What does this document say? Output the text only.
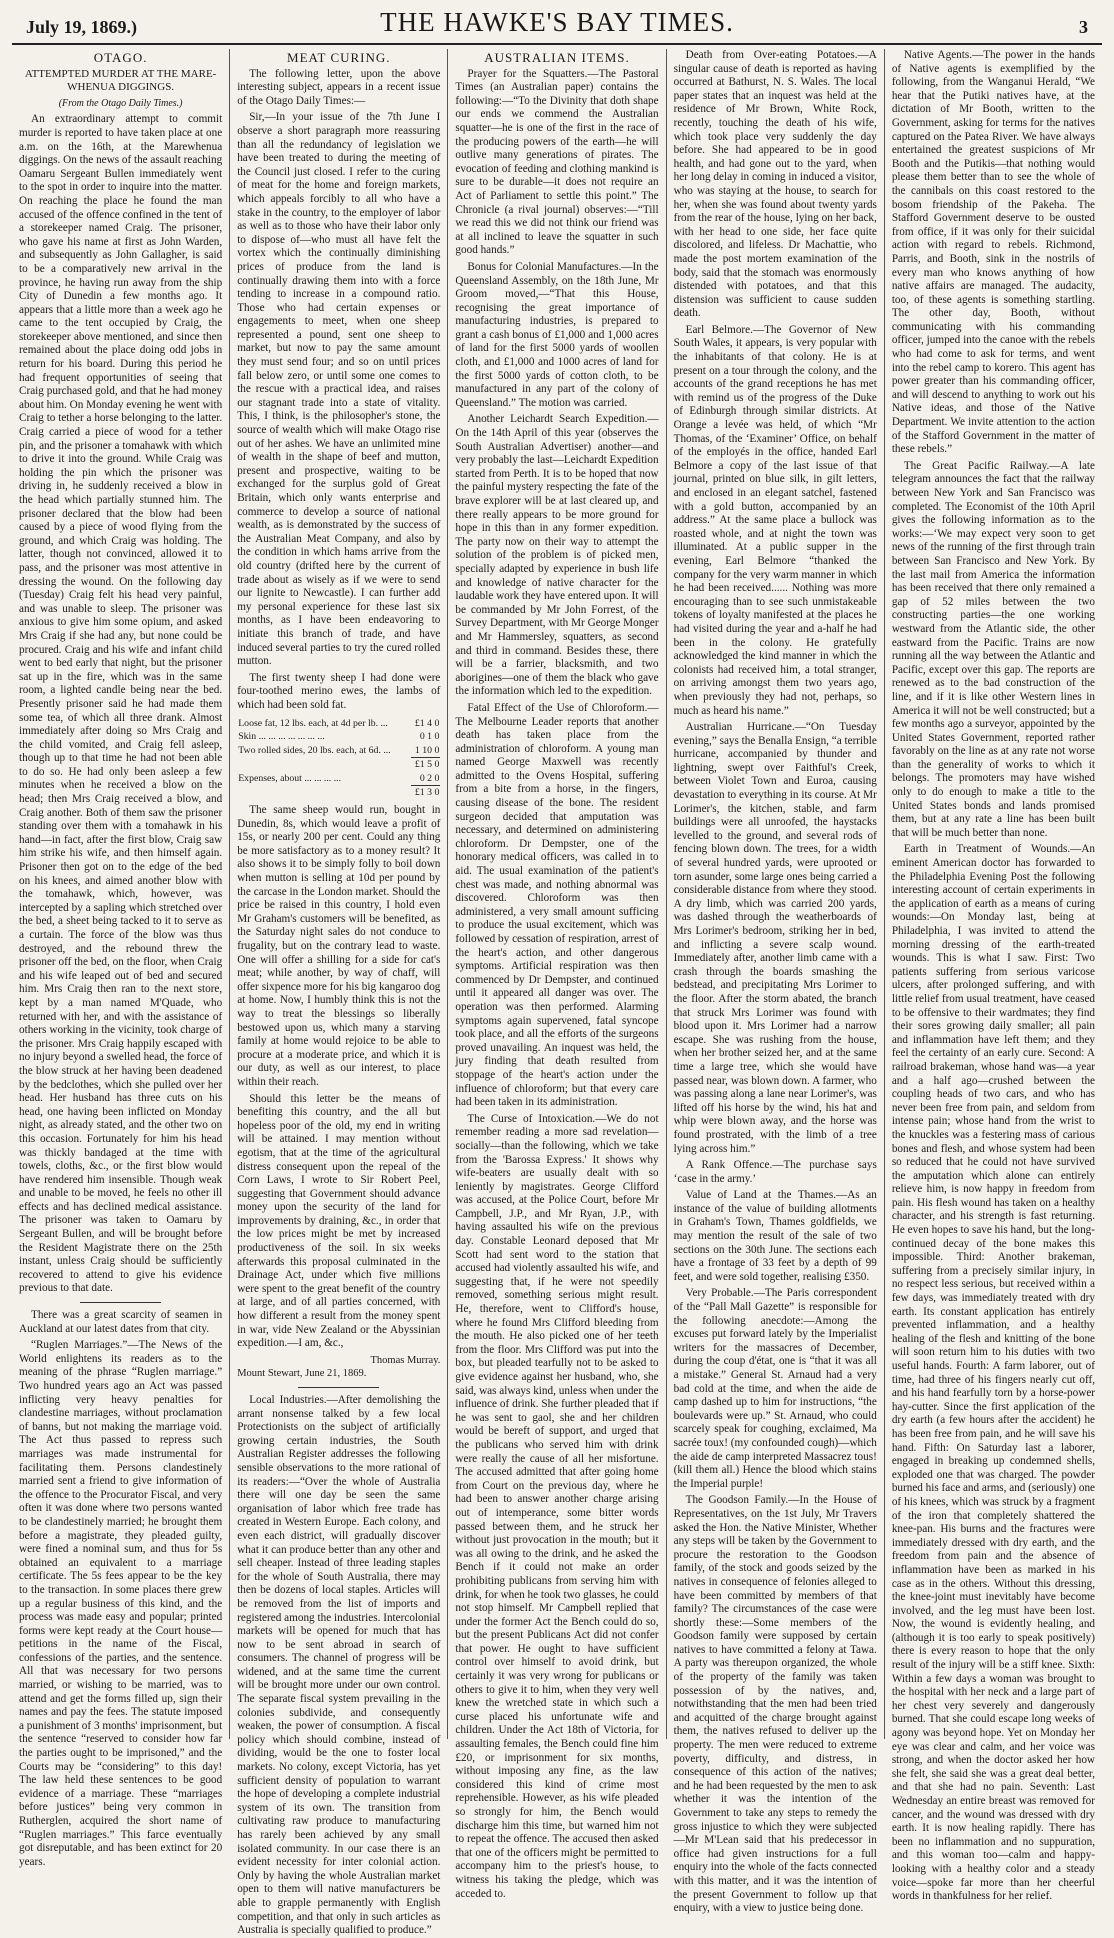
July 19, 1869.)	THE HAWKE'S BAY TIMES.	3
OTAGO.
ATTEMPTED MURDER AT THE MARE-WHENUA DIGGINGS.
(From the Otago Daily Times.)

An extraordinary attempt to commit murder is reported to have taken place at one a.m. on the 16th, at the Marewhenua diggings. On the news of the assault reaching Oamaru Sergeant Bullen immediately went to the spot in order to inquire into the matter. On reaching the place he found the man accused of the offence confined in the tent of a storekeeper named Craig. The prisoner, who gave his name at first as John Warden, and subsequently as John Gallagher, is said to be a comparatively new arrival in the province, he having run away from the ship City of Dunedin a few months ago. It appears that a little more than a week ago he came to the tent occupied by Craig, the storekeeper above mentioned, and since then remained about the place doing odd jobs in return for his board. During this period he had frequent opportunities of seeing that Craig purchased gold, and that he had money about him. On Monday evening he went with Craig to tether a horse belonging to the latter. Craig carried a piece of wood for a tether pin, and the prisoner a tomahawk with which to drive it into the ground. While Craig was holding the pin which the prisoner was driving in, he suddenly received a blow in the head which partially stunned him. The prisoner declared that the blow had been caused by a piece of wood flying from the ground, and which Craig was holding. The latter, though not convinced, allowed it to pass, and the prisoner was most attentive in dressing the wound. On the following day (Tuesday) Craig felt his head very painful, and was unable to sleep. The prisoner was anxious to give him some opium, and asked Mrs Craig if she had any, but none could be procured. Craig and his wife and infant child went to bed early that night, but the prisoner sat up in the fire, which was in the same room, a lighted candle being near the bed. Presently prisoner said he had made them some tea, of which all three drank. Almost immediately after doing so Mrs Craig and the child vomited, and Craig fell asleep, though up to that time he had not been able to do so. He had only been asleep a few minutes when he received a blow on the head; then Mrs Craig received a blow, and Craig another. Both of them saw the prisoner standing over them with a tomahawk in his hand—in fact, after the first blow, Craig saw him strike his wife, and then himself again. Prisoner then got on to the edge of the bed on his knees, and aimed another blow with the tomahawk, which, however, was intercepted by a sapling which stretched over the bed, a sheet being tacked to it to serve as a curtain. The force of the blow was thus destroyed, and the rebound threw the prisoner off the bed, on the floor, when Craig and his wife leaped out of bed and secured him. Mrs Craig then ran to the next store, kept by a man named M'Quade, who returned with her, and with the assistance of others working in the vicinity, took charge of the prisoner. Mrs Craig happily escaped with no injury beyond a swelled head, the force of the blow struck at her having been deadened by the bedclothes, which she pulled over her head. Her husband has three cuts on his head, one having been inflicted on Monday night, as already stated, and the other two on this occasion. Fortunately for him his head was thickly bandaged at the time with towels, cloths, &c., or the first blow would have rendered him insensible. Though weak and unable to be moved, he feels no other ill effects and has declined medical assistance. The prisoner was taken to Oamaru by Sergeant Bullen, and will be brought before the Resident Magistrate there on the 25th instant, unless Craig should be sufficiently recovered to attend to give his evidence previous to that date.

There was a great scarcity of seamen in Auckland at our latest dates from that city.

“Ruglen Marriages.”—The News of the World enlightens its readers as to the meaning of the phrase “Ruglen marriage.” Two hundred years ago an Act was passed inflicting very heavy penalties for clandestine marriages, without proclamation of banns, but not making the marriage void. The Act thus passed to repress such marriages was made instrumental for facilitating them. Persons clandestinely married sent a friend to give information of the offence to the Procurator Fiscal, and very often it was done where two persons wanted to be clandestinely married; he brought them before a magistrate, they pleaded guilty, were fined a nominal sum, and thus for 5s obtained an equivalent to a marriage certificate. The 5s fees appear to be the key to the transaction. In some places there grew up a regular business of this kind, and the process was made easy and popular; printed forms were kept ready at the Court house—petitions in the name of the Fiscal, confessions of the parties, and the sentence. All that was necessary for two persons married, or wishing to be married, was to attend and get the forms filled up, sign their names and pay the fees. The statute imposed a punishment of 3 months' imprisonment, but the sentence “reserved to consider how far the parties ought to be imprisoned,” and the Courts may be “considering” to this day! The law held these sentences to be good evidence of a marriage. These “marriages before justices” being very common in Rutherglen, acquired the short name of “Ruglen marriages.” This farce eventually got disreputable, and has been extinct for 20 years.

MEAT CURING.

The following letter, upon the above interesting subject, appears in a recent issue of the Otago Daily Times:—

Sir,—In your issue of the 7th June I observe a short paragraph more reassuring than all the redundancy of legislation we have been treated to during the meeting of the Council just closed. I refer to the curing of meat for the home and foreign markets, which appeals forcibly to all who have a stake in the country, to the employer of labor as well as to those who have their labor only to dispose of—who must all have felt the vortex which the continually diminishing prices of produce from the land is continually drawing them into with a force tending to increase in a compound ratio. Those who had certain expenses or engagements to meet, when one sheep represented a pound, sent one sheep to market, but now to pay the same amount they must send four; and so on until prices fall below zero, or until some one comes to the rescue with a practical idea, and raises our stagnant trade into a state of vitality. This, I think, is the philosopher's stone, the source of wealth which will make Otago rise out of her ashes. We have an unlimited mine of wealth in the shape of beef and mutton, present and prospective, waiting to be exchanged for the surplus gold of Great Britain, which only wants enterprise and commerce to develop a source of national wealth, as is demonstrated by the success of the Australian Meat Company, and also by the condition in which hams arrive from the old country (drifted here by the current of trade about as wisely as if we were to send our lignite to Newcastle). I can further add my personal experience for these last six months, as I have been endeavoring to initiate this branch of trade, and have induced several parties to try the cured rolled mutton.

The first twenty sheep I had done were four-toothed merino ewes, the lambs of which had been sold fat.

Loose fat, 12 lbs. each, at 4d per lb. ...	£1 4 0
Skin ... ... ... ... ... ... ...	0 1 0
Two rolled sides, 20 lbs. each, at 6d. ...	1 10 0
	£1 5 0
Expenses, about ... ... ... ...	0 2 0
	£1 3 0

The same sheep would run, bought in Dunedin, 8s, which would leave a profit of 15s, or nearly 200 per cent. Could any thing be more satisfactory as to a money result? It also shows it to be simply folly to boil down when mutton is selling at 10d per pound by the carcase in the London market. Should the price be raised in this country, I hold even Mr Graham's customers will be benefited, as the Saturday night sales do not conduce to frugality, but on the contrary lead to waste. One will offer a shilling for a side for cat's meat; while another, by way of chaff, will offer sixpence more for his big kangaroo dog at home. Now, I humbly think this is not the way to treat the blessings so liberally bestowed upon us, which many a starving family at home would rejoice to be able to procure at a moderate price, and which it is our duty, as well as our interest, to place within their reach.

Should this letter be the means of benefiting this country, and the all but hopeless poor of the old, my end in writing will be attained. I may mention without egotism, that at the time of the agricultural distress consequent upon the repeal of the Corn Laws, I wrote to Sir Robert Peel, suggesting that Government should advance money upon the security of the land for improvements by draining, &c., in order that the low prices might be met by increased productiveness of the soil. In six weeks afterwards this proposal culminated in the Drainage Act, under which five millions were spent to the great benefit of the country at large, and of all parties concerned, with how different a result from the money spent in war, vide New Zealand or the Abyssinian expedition.—I am, &c.,

Thomas Murray.
Mount Stewart, June 21, 1869.

Local Industries.—After demolishing the arrant nonsense talked by a few local Protectionists on the subject of artificially growing certain industries, the South Australian Register addresses the following sensible observations to the more rational of its readers:—“Over the whole of Australia there will one day be seen the same organisation of labor which free trade has created in Western Europe. Each colony, and even each district, will gradually discover what it can produce better than any other and sell cheaper. Instead of three leading staples for the whole of South Australia, there may then be dozens of local staples. Articles will be removed from the list of imports and registered among the industries. Intercolonial markets will be opened for much that has now to be sent abroad in search of consumers. The channel of progress will be widened, and at the same time the current will be brought more under our own control. The separate fiscal system prevailing in the colonies subdivide, and consequently weaken, the power of consumption. A fiscal policy which should combine, instead of dividing, would be the one to foster local markets. No colony, except Victoria, has yet sufficient density of population to warrant the hope of developing a complete industrial system of its own. The transition from cultivating raw produce to manufacturing has rarely been achieved by any small isolated community. In our case there is an evident necessity for inter colonial action. Only by having the whole Australian market open to them will native manufacturers be able to grapple permanently with English competition, and that only in such articles as Australia is specially qualified to produce.”

AUSTRALIAN ITEMS.

Prayer for the Squatters.—The Pastoral Times (an Australian paper) contains the following:—“To the Divinity that doth shape our ends we commend the Australian squatter—he is one of the first in the race of the producing powers of the earth—he will outlive many generations of pirates. The evocation of feeding and clothing mankind is sure to be durable—it does not require an Act of Parliament to settle this point.” The Chronicle (a rival journal) observes:—“Till we read this we did not think our friend was at all inclined to leave the squatter in such good hands.”

Bonus for Colonial Manufactures.—In the Queensland Assembly, on the 18th June, Mr Groom moved,—“That this House, recognising the great importance of manufacturing industries, is prepared to grant a cash bonus of £1,000 and 1,000 acres of land for the first 5000 yards of woollen cloth, and £1,000 and 1000 acres of land for the first 5000 yards of cotton cloth, to be manufactured in any part of the colony of Queensland.” The motion was carried.

Another Leichardt Search Expedition.—On the 14th April of this year (observes the South Australian Advertiser) another—and very probably the last—Leichardt Expedition started from Perth. It is to be hoped that now the painful mystery respecting the fate of the brave explorer will be at last cleared up, and there really appears to be more ground for hope in this than in any former expedition. The party now on their way to attempt the solution of the problem is of picked men, specially adapted by experience in bush life and knowledge of native character for the laudable work they have entered upon. It will be commanded by Mr John Forrest, of the Survey Department, with Mr George Monger and Mr Hammersley, squatters, as second and third in command. Besides these, there will be a farrier, blacksmith, and two aborigines—one of them the black who gave the information which led to the expedition.

Fatal Effect of the Use of Chloroform.—The Melbourne Leader reports that another death has taken place from the administration of chloroform. A young man named George Maxwell was recently admitted to the Ovens Hospital, suffering from a bite from a horse, in the fingers, causing disease of the bone. The resident surgeon decided that amputation was necessary, and determined on administering chloroform. Dr Dempster, one of the honorary medical officers, was called in to aid. The usual examination of the patient's chest was made, and nothing abnormal was discovered. Chloroform was then administered, a very small amount sufficing to produce the usual excitement, which was followed by cessation of respiration, arrest of the heart's action, and other dangerous symptoms. Artificial respiration was then commenced by Dr Dempster, and continued until it appeared all danger was over. The operation was then performed. Alarming symptoms again supervened, fatal syncope took place, and all the efforts of the surgeons proved unavailing. An inquest was held, the jury finding that death resulted from stoppage of the heart's action under the influence of chloroform; but that every care had been taken in its administration.

The Curse of Intoxication.—We do not remember reading a more sad revelation—socially—than the following, which we take from the 'Barossa Express.' It shows why wife-beaters are usually dealt with so leniently by magistrates. George Clifford was accused, at the Police Court, before Mr Campbell, J.P., and Mr Ryan, J.P., with having assaulted his wife on the previous day. Constable Leonard deposed that Mr Scott had sent word to the station that accused had violently assaulted his wife, and suggesting that, if he were not speedily removed, something serious might result. He, therefore, went to Clifford's house, where he found Mrs Clifford bleeding from the mouth. He also picked one of her teeth from the floor. Mrs Clifford was put into the box, but pleaded tearfully not to be asked to give evidence against her husband, who, she said, was always kind, unless when under the influence of drink. She further pleaded that if he was sent to gaol, she and her children would be bereft of support, and urged that the publicans who served him with drink were really the cause of all her misfortune. The accused admitted that after going home from Court on the previous day, where he had been to answer another charge arising out of intemperance, some bitter words passed between them, and he struck her without just provocation in the mouth; but it was all owing to the drink, and he asked the Bench if it could not make an order prohibiting publicans from serving him with drink, for when he took two glasses, he could not stop himself. Mr Campbell replied that under the former Act the Bench could do so, but the present Publicans Act did not confer that power. He ought to have sufficient control over himself to avoid drink, but certainly it was very wrong for publicans or others to give it to him, when they very well knew the wretched state in which such a curse placed his unfortunate wife and children. Under the Act 18th of Victoria, for assaulting females, the Bench could fine him £20, or imprisonment for six months, without imposing any fine, as the law considered this kind of crime most reprehensible. However, as his wife pleaded so strongly for him, the Bench would discharge him this time, but warned him not to repeat the offence. The accused then asked that one of the officers might be permitted to accompany him to the priest's house, to witness his taking the pledge, which was acceded to.

Death from Over-eating Potatoes.—A singular cause of death is reported as having occurred at Bathurst, N. S. Wales. The local paper states that an inquest was held at the residence of Mr Brown, White Rock, recently, touching the death of his wife, which took place very suddenly the day before. She had appeared to be in good health, and had gone out to the yard, when her long delay in coming in induced a visitor, who was staying at the house, to search for her, when she was found about twenty yards from the rear of the house, lying on her back, with her head to one side, her face quite discolored, and lifeless. Dr Machattie, who made the post mortem examination of the body, said that the stomach was enormously distended with potatoes, and that this distension was sufficient to cause sudden death.

Earl Belmore.—The Governor of New South Wales, it appears, is very popular with the inhabitants of that colony. He is at present on a tour through the colony, and the accounts of the grand receptions he has met with remind us of the progress of the Duke of Edinburgh through similar districts. At Orange a levée was held, of which “Mr Thomas, of the ‘Examiner’ Office, on behalf of the employés in the office, handed Earl Belmore a copy of the last issue of that journal, printed on blue silk, in gilt letters, and enclosed in an elegant satchel, fastened with a gold button, accompanied by an address.” At the same place a bullock was roasted whole, and at night the town was illuminated. At a public supper in the evening, Earl Belmore “thanked the company for the very warm manner in which he had been received...... Nothing was more encouraging than to see such unmistakeable tokens of loyalty manifested at the places he had visited during the year and a-half he had been in the colony. He gratefully acknowledged the kind manner in which the colonists had received him, a total stranger, on arriving amongst them two years ago, when previously they had not, perhaps, so much as heard his name.”

Australian Hurricane.—“On Tuesday evening,” says the Benalla Ensign, “a terrible hurricane, accompanied by thunder and lightning, swept over Faithful's Creek, between Violet Town and Euroa, causing devastation to everything in its course. At Mr Lorimer's, the kitchen, stable, and farm buildings were all unroofed, the haystacks levelled to the ground, and several rods of fencing blown down. The trees, for a width of several hundred yards, were uprooted or torn asunder, some large ones being carried a considerable distance from where they stood. A dry limb, which was carried 200 yards, was dashed through the weatherboards of Mrs Lorimer's bedroom, striking her in bed, and inflicting a severe scalp wound. Immediately after, another limb came with a crash through the boards smashing the bedstead, and precipitating Mrs Lorimer to the floor. After the storm abated, the branch that struck Mrs Lorimer was found with blood upon it. Mrs Lorimer had a narrow escape. She was rushing from the house, when her brother seized her, and at the same time a large tree, which she would have passed near, was blown down. A farmer, who was passing along a lane near Lorimer's, was lifted off his horse by the wind, his hat and whip were blown away, and the horse was found prostrated, with the limb of a tree lying across him.”

A Rank Offence.—The purchase says ‘case in the army.’

Value of Land at the Thames.—As an instance of the value of building allotments in Graham's Town, Thames goldfields, we may mention the result of the sale of two sections on the 30th June. The sections each have a frontage of 33 feet by a depth of 99 feet, and were sold together, realising £350.

Very Probable.—The Paris correspondent of the “Pall Mall Gazette” is responsible for the following anecdote:—Among the excuses put forward lately by the Imperialist writers for the massacres of December, during the coup d'état, one is “that it was all a mistake.” General St. Arnaud had a very bad cold at the time, and when the aide de camp dashed up to him for instructions, “the boulevards were up.” St. Arnaud, who could scarcely speak for coughing, exclaimed, Ma sacrée toux! (my confounded cough)—which the aide de camp interpreted Massacrez tous! (kill them all.) Hence the blood which stains the Imperial purple!

The Goodson Family.—In the House of Representatives, on the 1st July, Mr Travers asked the Hon. the Native Minister, Whether any steps will be taken by the Government to procure the restoration to the Goodson family, of the stock and goods seized by the natives in consequence of felonies alleged to have been committed by members of that family? The circumstances of the case were shortly these:—Some members of the Goodson family were supposed by certain natives to have committed a felony at Tawa. A party was thereupon organized, the whole of the property of the family was taken possession of by the natives, and, notwithstanding that the men had been tried and acquitted of the charge brought against them, the natives refused to deliver up the property. The men were reduced to extreme poverty, difficulty, and distress, in consequence of this action of the natives; and he had been requested by the men to ask whether it was the intention of the Government to take any steps to remedy the gross injustice to which they were subjected—Mr M'Lean said that his predecessor in office had given instructions for a full enquiry into the whole of the facts connected with this matter, and it was the intention of the present Government to follow up that enquiry, with a view to justice being done.

Native Agents.—The power in the hands of Native agents is exemplified by the following, from the Wanganui Herald, “We hear that the Putiki natives have, at the dictation of Mr Booth, written to the Government, asking for terms for the natives captured on the Patea River. We have always entertained the greatest suspicions of Mr Booth and the Putikis—that nothing would please them better than to see the whole of the cannibals on this coast restored to the bosom friendship of the Pakeha. The Stafford Government deserve to be ousted from office, if it was only for their suicidal action with regard to rebels. Richmond, Parris, and Booth, sink in the nostrils of every man who knows anything of how native affairs are managed. The audacity, too, of these agents is something startling. The other day, Booth, without communicating with his commanding officer, jumped into the canoe with the rebels who had come to ask for terms, and went into the rebel camp to korero. This agent has power greater than his commanding officer, and will descend to anything to work out his Native ideas, and those of the Native Department. We invite attention to the action of the Stafford Government in the matter of these rebels.”

The Great Pacific Railway.—A late telegram announces the fact that the railway between New York and San Francisco was completed. The Economist of the 10th April gives the following information as to the works:—‘We may expect very soon to get news of the running of the first through train between San Francisco and New York. By the last mail from America the information has been received that there only remained a gap of 52 miles between the two constructing parties—the one working westward from the Atlantic side, the other eastward from the Pacific. Trains are now running all the way between the Atlantic and Pacific, except over this gap. The reports are renewed as to the bad construction of the line, and if it is like other Western lines in America it will not be well constructed; but a few months ago a surveyor, appointed by the United States Government, reported rather favorably on the line as at any rate not worse than the generality of works to which it belongs. The promoters may have wished only to do enough to make a title to the United States bonds and lands promised them, but at any rate a line has been built that will be much better than none.

Earth in Treatment of Wounds.—An eminent American doctor has forwarded to the Philadelphia Evening Post the following interesting account of certain experiments in the application of earth as a means of curing wounds:—On Monday last, being at Philadelphia, I was invited to attend the morning dressing of the earth-treated wounds. This is what I saw. First: Two patients suffering from serious varicose ulcers, after prolonged suffering, and with little relief from usual treatment, have ceased to be offensive to their wardmates; they find their sores growing daily smaller; all pain and inflammation have left them; and they feel the certainty of an early cure. Second: A railroad brakeman, whose hand was—a year and a half ago—crushed between the coupling heads of two cars, and who has never been free from pain, and seldom from intense pain; whose hand from the wrist to the knuckles was a festering mass of carious bones and flesh, and whose system had been so reduced that he could not have survived the amputation which alone can entirely relieve him, is now happy in freedom from pain. His flesh wound has taken on a healthy character, and his strength is fast returning. He even hopes to save his hand, but the long-continued decay of the bone makes this impossible. Third: Another brakeman, suffering from a precisely similar injury, in no respect less serious, but received within a few days, was immediately treated with dry earth. Its constant application has entirely prevented inflammation, and a healthy healing of the flesh and knitting of the bone will soon return him to his duties with two useful hands. Fourth: A farm laborer, out of time, had three of his fingers nearly cut off, and his hand fearfully torn by a horse-power hay-cutter. Since the first application of the dry earth (a few hours after the accident) he has been free from pain, and he will save his hand. Fifth: On Saturday last a laborer, engaged in breaking up condemned shells, exploded one that was charged. The powder burned his face and arms, and (seriously) one of his knees, which was struck by a fragment of the iron that completely shattered the knee-pan. His burns and the fractures were immediately dressed with dry earth, and the freedom from pain and the absence of inflammation have been as marked in his case as in the others. Without this dressing, the knee-joint must inevitably have become involved, and the leg must have been lost. Now, the wound is evidently healing, and (although it is too early to speak positively) there is every reason to hope that the only result of the injury will be a stiff knee. Sixth: Within a few days a woman was brought to the hospital with her neck and a large part of her chest very severely and dangerously burned. That she could escape long weeks of agony was beyond hope. Yet on Monday her eye was clear and calm, and her voice was strong, and when the doctor asked her how she felt, she said she was a great deal better, and that she had no pain. Seventh: Last Wednesday an entire breast was removed for cancer, and the wound was dressed with dry earth. It is now healing rapidly. There has been no inflammation and no suppuration, and this woman too—calm and happy-looking with a healthy color and a steady voice—spoke far more than her cheerful words in thankfulness for her relief.
